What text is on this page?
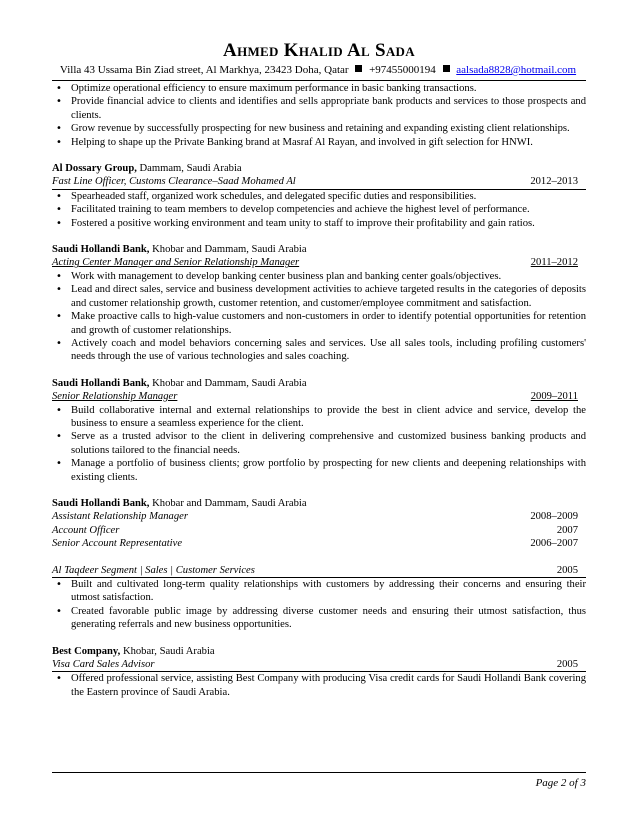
Ahmed Khalid Al Sada
Villa 43 Ussama Bin Ziad street, Al Markhya, 23423 Doha, Qatar +97455000194 aalsada8828@hotmail.com
• Optimize operational efficiency to ensure maximum performance in basic banking transactions.
• Provide financial advice to clients and identifies and sells appropriate bank products and services to those prospects and clients.
• Grow revenue by successfully prospecting for new business and retaining and expanding existing client relationships.
• Helping to shape up the Private Banking brand at Masraf Al Rayan, and involved in gift selection for HNWI.
Al Dossary Group, Dammam, Saudi Arabia
Fast Line Officer, Customs Clearance–Saad Mohamed Al	2012–2013
• Spearheaded staff, organized work schedules, and delegated specific duties and responsibilities.
• Facilitated training to team members to develop competencies and achieve the highest level of performance.
• Fostered a positive working environment and team unity to staff to improve their profitability and gain ratios.
Saudi Hollandi Bank, Khobar and Dammam, Saudi Arabia
Acting Center Manager and Senior Relationship Manager	2011–2012
• Work with management to develop banking center business plan and banking center goals/objectives.
• Lead and direct sales, service and business development activities to achieve targeted results in the categories of deposits and customer relationship growth, customer retention, and customer/employee commitment and satisfaction.
• Make proactive calls to high-value customers and non-customers in order to identify potential opportunities for retention and growth of customer relationships.
• Actively coach and model behaviors concerning sales and services. Use all sales tools, including profiling customers' needs through the use of various technologies and sales coaching.
Saudi Hollandi Bank, Khobar and Dammam, Saudi Arabia
Senior Relationship Manager	2009–2011
• Build collaborative internal and external relationships to provide the best in client advice and service, develop the business to ensure a seamless experience for the client.
• Serve as a trusted advisor to the client in delivering comprehensive and customized business banking products and solutions tailored to the financial needs.
• Manage a portfolio of business clients; grow portfolio by prospecting for new clients and deepening relationships with existing clients.
Saudi Hollandi Bank, Khobar and Dammam, Saudi Arabia
Assistant Relationship Manager	2008–2009
Account Officer	2007
Senior Account Representative	2006–2007
Al Taqdeer Segment | Sales | Customer Services	2005
• Built and cultivated long-term quality relationships with customers by addressing their concerns and ensuring their utmost satisfaction.
• Created favorable public image by addressing diverse customer needs and ensuring their utmost satisfaction, thus generating referrals and new business opportunities.
Best Company, Khobar, Saudi Arabia
Visa Card Sales Advisor	2005
• Offered professional service, assisting Best Company with producing Visa credit cards for Saudi Hollandi Bank covering the Eastern province of Saudi Arabia.
Page 2 of 3
